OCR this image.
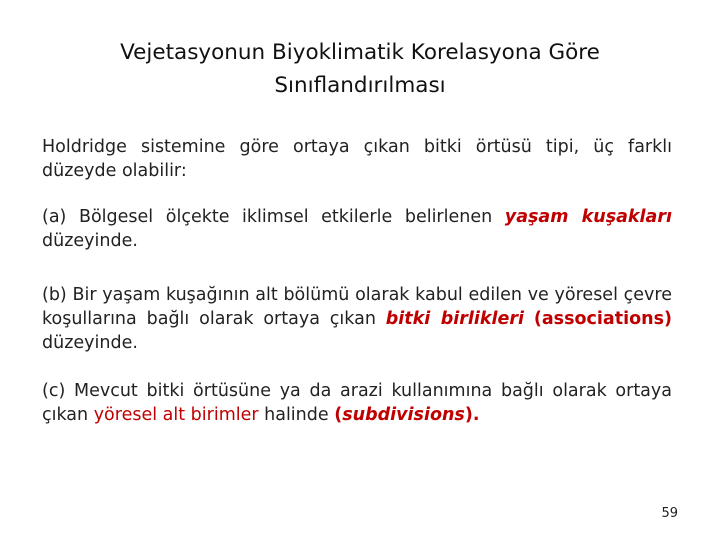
Vejetasyonun Biyoklimatik Korelasyona Göre
Sınıflandırılması
Holdridge sistemine göre ortaya çıkan bitki örtüsü tipi, üç farklı düzeyde olabilir:
(a) Bölgesel ölçekte iklimsel etkilerle belirlenen yaşam kuşakları düzeyinde.
(b) Bir yaşam kuşağının alt bölümü olarak kabul edilen ve yöresel çevre koşullarına bağlı olarak ortaya çıkan bitki birlikleri (associations) düzeyinde.
(c) Mevcut bitki örtüsüne ya da arazi kullanımına bağlı olarak ortaya çıkan yöresel alt birimler halinde (subdivisions).
59
